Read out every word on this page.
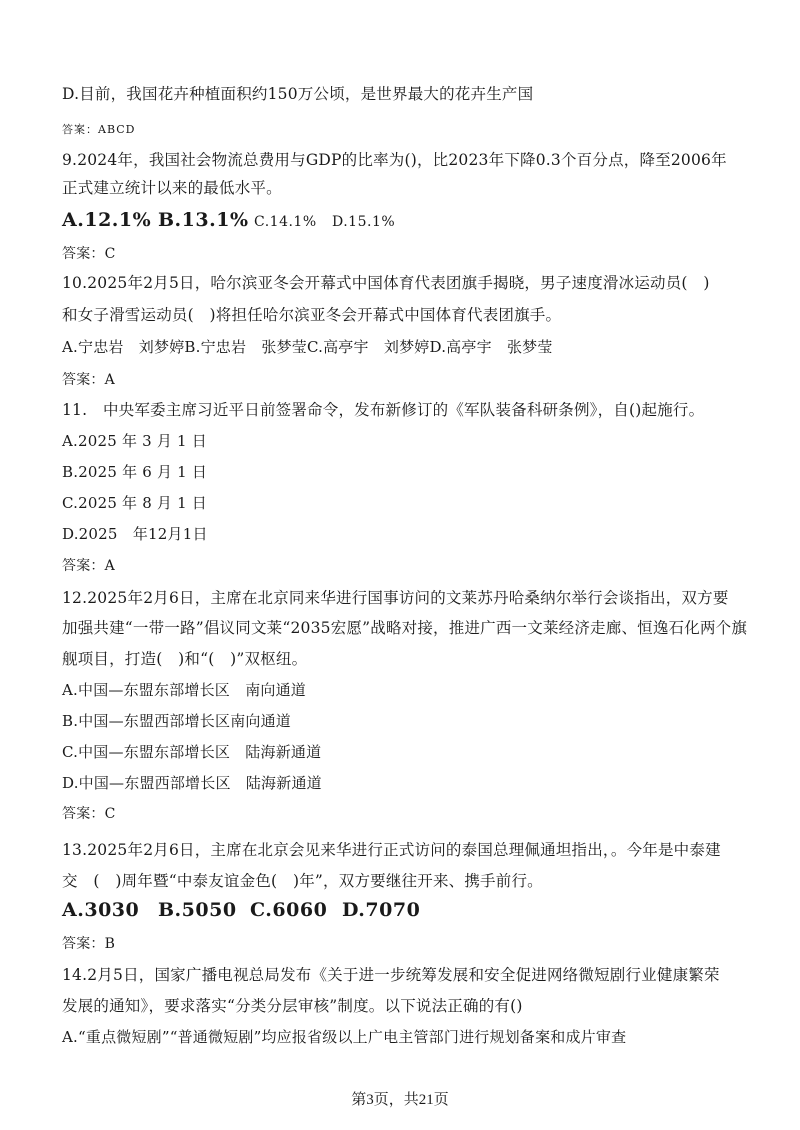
D.目前，我国花卉种植面积约150万公顷，是世界最大的花卉生产国
答案：ABCD
9.2024年，我国社会物流总费用与GDP的比率为()，比2023年下降0.3个百分点，降至2006年
正式建立统计以来的最低水平。
A.12.1% B.13.1% C.14.1% D.15.1%
答案：C
10.2025年2月5日，哈尔滨亚冬会开幕式中国体育代表团旗手揭晓，男子速度滑冰运动员(　)
和女子滑雪运动员(　)将担任哈尔滨亚冬会开幕式中国体育代表团旗手。
A.宁忠岩　刘梦婷B.宁忠岩　张梦莹C.高亭宇　刘梦婷D.高亭宇　张梦莹
答案：A
11.　中央军委主席习近平日前签署命令，发布新修订的《军队装备科研条例》，自()起施行。
A.2025 年 3 月 1 日
B.2025 年 6 月 1 日
C.2025 年 8 月 1 日
D.2025　年12月1日
答案：A
12.2025年2月6日，主席在北京同来华进行国事访问的文莱苏丹哈桑纳尔举行会谈指出，双方要
加强共建“一带一路”倡议同文莱“2035宏愿”战略对接，推进广西一文莱经济走廊、恒逸石化两个旗
舰项目，打造(　)和“(　)”双枢纽。
A.中国—东盟东部增长区　南向通道
B.中国—东盟西部增长区南向通道
C.中国—东盟东部增长区　陆海新通道
D.中国—东盟西部增长区　陆海新通道
答案：C
13.2025年2月6日，主席在北京会见来华进行正式访问的泰国总理佩通坦指出，。今年是中泰建
交　(　)周年暨“中泰友谊金色(　)年”，双方要继往开来、携手前行。
A.3030 B.5050 C.6060 D.7070
答案：B
14.2月5日，国家广播电视总局发布《关于进一步统筹发展和安全促进网络微短剧行业健康繁荣
发展的通知》，要求落实“分类分层审核”制度。以下说法正确的有()
A.“重点微短剧”“普通微短剧”均应报省级以上广电主管部门进行规划备案和成片审查
第3页，共21页
